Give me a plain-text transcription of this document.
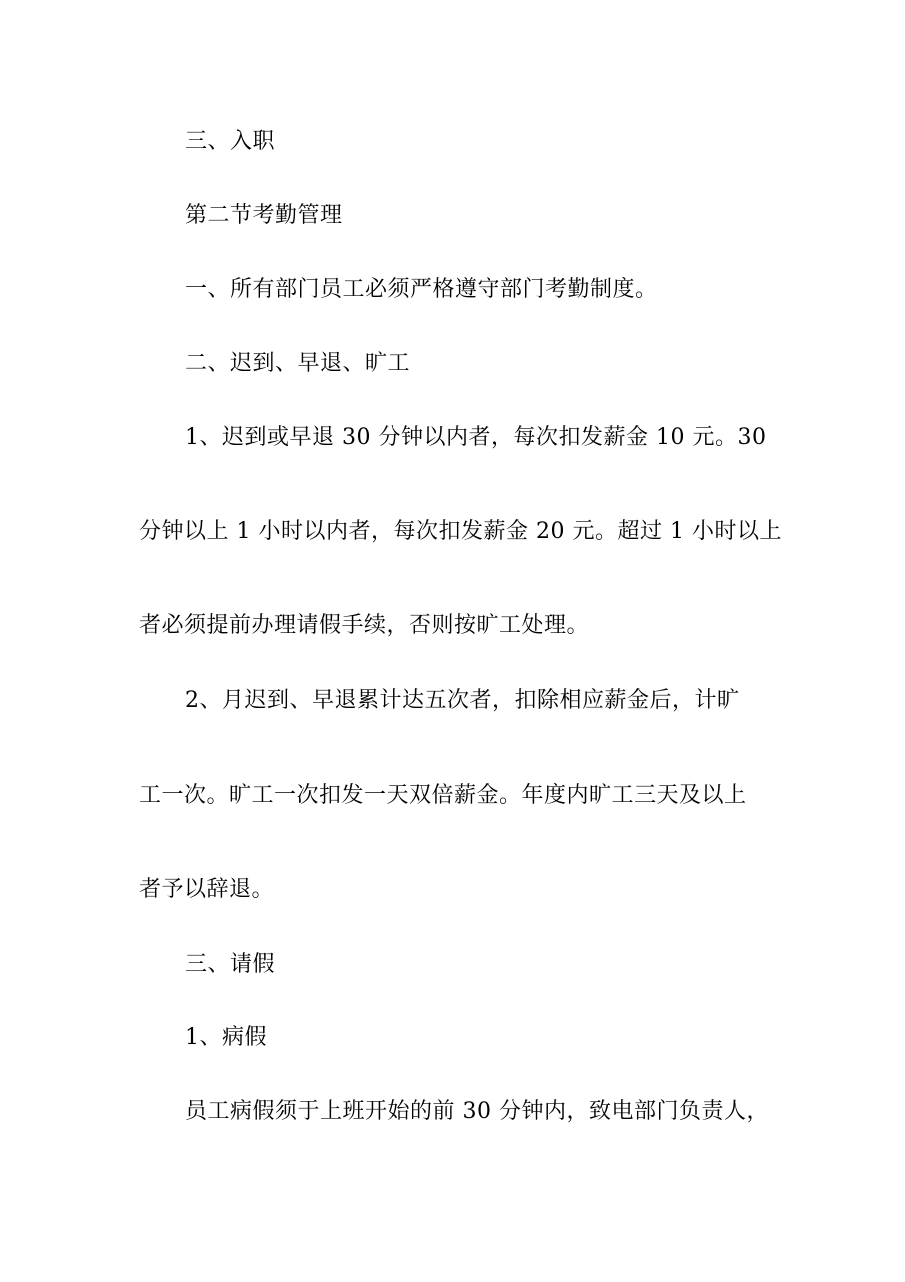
三、入职
第二节考勤管理
一、所有部门员工必须严格遵守部门考勤制度。
二、迟到、早退、旷工
1、迟到或早退 30 分钟以内者，每次扣发薪金 10 元。30
分钟以上 1 小时以内者，每次扣发薪金 20 元。超过 1 小时以上
者必须提前办理请假手续，否则按旷工处理。
2、月迟到、早退累计达五次者，扣除相应薪金后，计旷
工一次。旷工一次扣发一天双倍薪金。年度内旷工三天及以上
者予以辞退。
三、请假
1、病假
员工病假须于上班开始的前 30 分钟内，致电部门负责人，
